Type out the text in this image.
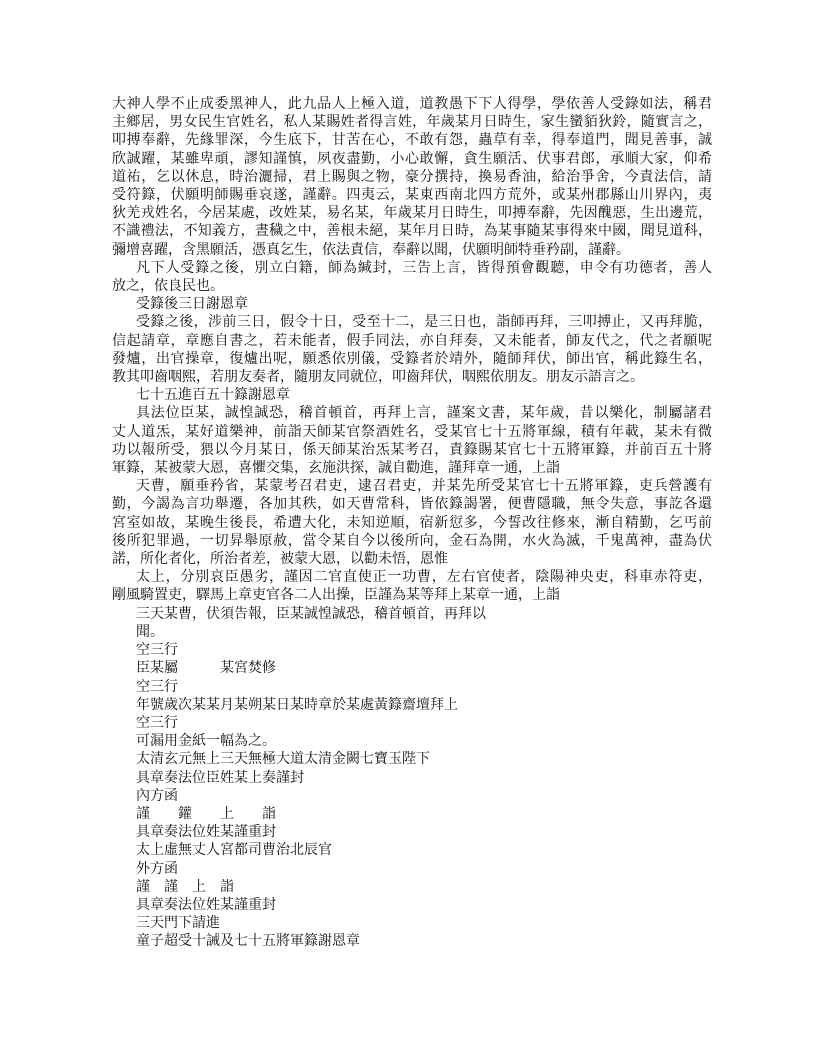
大神人學不止成委黑神人，此九品人上極入道，道教愚下下人得學，學依善人受錄如法，稱君
主鄉居，男女民生官姓名，私人某賜姓者得言姓，年歲某月日時生，家生蠻貊狄鈴，隨實言之，
叩搏奉辭，先緣罪深，今生底下，甘苦在心，不敢有怨，蟲草有幸，得奉道門，聞見善事，誠
欣誠躍，某雖卑頑，謬知謹慎，夙夜盡勤，小心敢懈，貪生願活、伏事君郎，承順大家，仰希
道祐，乞以休息，時治灑掃，君上賜與之物，豪分撰持，換易香油，給治爭舍，今責法信，請
受符籙，伏願明師賜垂哀遂，謹辭。四夷云，某東西南北四方荒外，或某州郡縣山川界內，夷
狄羌戎姓名，今居某處，改姓某，易名某，年歲某月日時生，叩搏奉辭，先因醜惡，生出邊荒，
不識禮法，不知義方，晝穢之中，善根未絕，某年月日時，為某事隨某事得來中國，聞見道科，
彌增喜躍，含黑願活，憑真乞生，依法責信，奉辭以聞，伏願明師特垂矜副，謹辭。
凡下人受籙之後，別立白籍，師為緘封，三告上言，皆得預會觀聽，申令有功德者，善人
放之，依良民也。
受籙後三日謝恩章
受籙之後，涉前三日，假令十日，受至十二，是三日也，詣師再拜，三叩搏止，又再拜脆，
信起請章，章應自書之，若未能者，假手同法，亦自拜奏，又未能者，師友代之，代之者願呢
發爐，出官操章，復爐出呢，願悉依別儀，受籙者於靖外，隨師拜伏，師出官，稱此籙生名，
教其叩齒咽熙，若朋友奏者，隨朋友同就位，叩齒拜伏，咽熙依朋友。朋友示語言之。
七十五進百五十籙謝恩章
具法位臣某，誠惶誠恐，稽首頓首，再拜上言，謹案文書，某年歲，昔以樂化，制屬諸君
丈人道炁，某好道樂神，前詣天師某官祭酒姓名，受某官七十五將軍線，積有年載，某未有微
功以報所受，猥以今月某日，係天師某治炁某考召，責籙賜某官七十五將軍籙，并前百五十將
軍籙，某被蒙大恩，喜懼交集，玄施洪探，誠自勸進，謹拜章一通，上詣
天曹，願垂矜省，某蒙考召君吏，逮召君吏，并某先所受某官七十五將軍籙，吏兵營護有
勤，今謁為言功舉遷，各加其秩，如天曹常科，皆依籙謁署，便曹隱職，無令失意，事訖各還
宮室如故，某晚生後長，希遭大化，未知逆順，宿新愆多，今誓改往修來，漸自精勤，乞丐前
後所犯罪過，一切昇舉原赦，當令某自今以後所向，金石為開，水火為滅，千鬼萬神，盡為伏
諾，所化者化，所治者差，被蒙大恩，以勸未悟，恩惟
太上，分別哀臣愚劣，謹因二官直使正一功曹，左右官使者，陰陽神央吏，科車赤符吏，
剛風騎置吏，驛馬上章吏官各二人出操，臣謹為某等拜上某章一通，上詣
三天某曹，伏須告報，臣某誠惶誠恐，稽首頓首，再拜以
聞。
空三行
臣某屬　　　某宮焚修
空三行
年號歲次某某月某朔某日某時章於某處黃籙齋壇拜上
空三行
可漏用金紙一幅為之。
太清玄元無上三天無極大道太清金闕七寶玉陛下
具章奏法位臣姓某上奏謹封
內方函
謹　　鑵　　上　　詣
具章奏法位姓某謹重封
太上虛無丈人宮都司曹治北辰官
外方函
謹　謹　上　詣
具章奏法位姓某謹重封
三天門下請進
童子超受十誡及七十五將軍籙謝恩章
